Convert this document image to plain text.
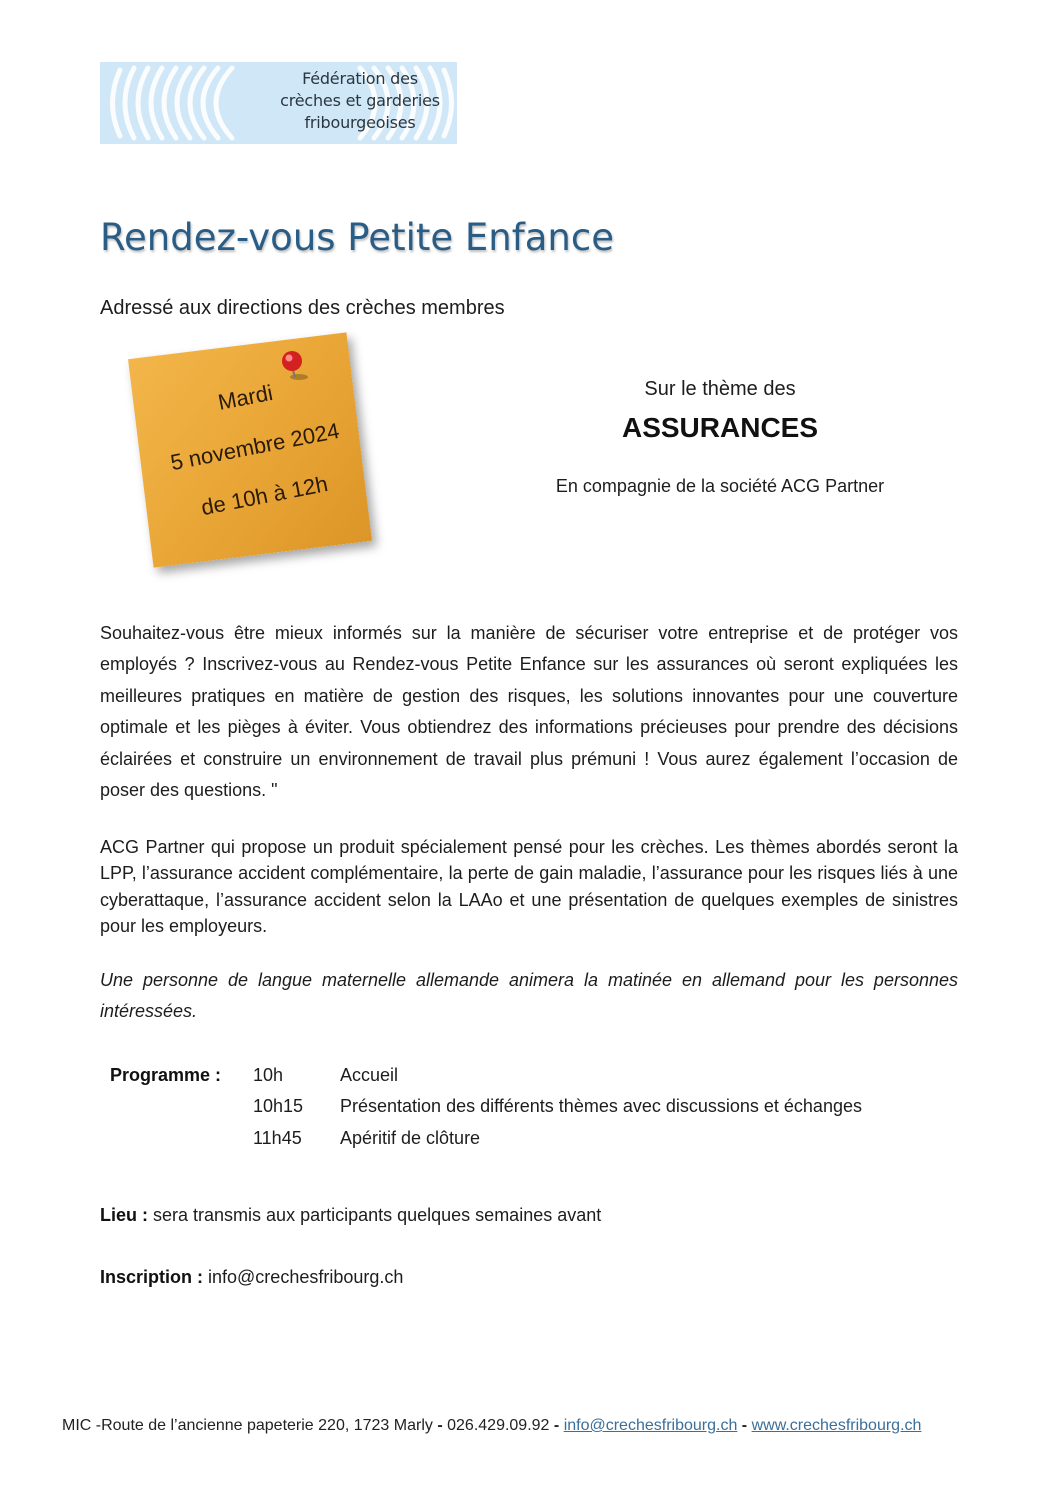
Fédération des
crèches et garderies
fribourgeoises
Rendez-vous Petite Enfance
Adressé aux directions des crèches membres
Mardi
5 novembre 2024
de 10h à 12h
Sur le thème des
ASSURANCES
En compagnie de la société ACG Partner
Souhaitez-vous être mieux informés sur la manière de sécuriser votre entreprise et de protéger vos employés ? Inscrivez-vous au Rendez-vous Petite Enfance sur les assurances où seront expliquées les meilleures pratiques en matière de gestion des risques, les solutions innovantes pour une couverture optimale et les pièges à éviter. Vous obtiendrez des informations précieuses pour prendre des décisions éclairées et construire un environnement de travail plus prémuni ! Vous aurez également l’occasion de poser des questions. "
ACG Partner qui propose un produit spécialement pensé pour les crèches. Les thèmes abordés seront la LPP, l’assurance accident complémentaire, la perte de gain maladie, l’assurance pour les risques liés à une cyberattaque, l’assurance accident selon la LAAo et une présentation de quelques exemples de sinistres pour les employeurs.
Une personne de langue maternelle allemande animera la matinée en allemand pour les personnes intéressées.
Programme : 10h	Accueil
10h15 Présentation des différents thèmes avec discussions et échanges
11h45 Apéritif de clôture
Lieu : sera transmis aux participants quelques semaines avant
Inscription : info@crechesfribourg.ch
MIC -Route de l’ancienne papeterie 220, 1723 Marly - 026.429.09.92 - info@crechesfribourg.ch - www.crechesfribourg.ch
